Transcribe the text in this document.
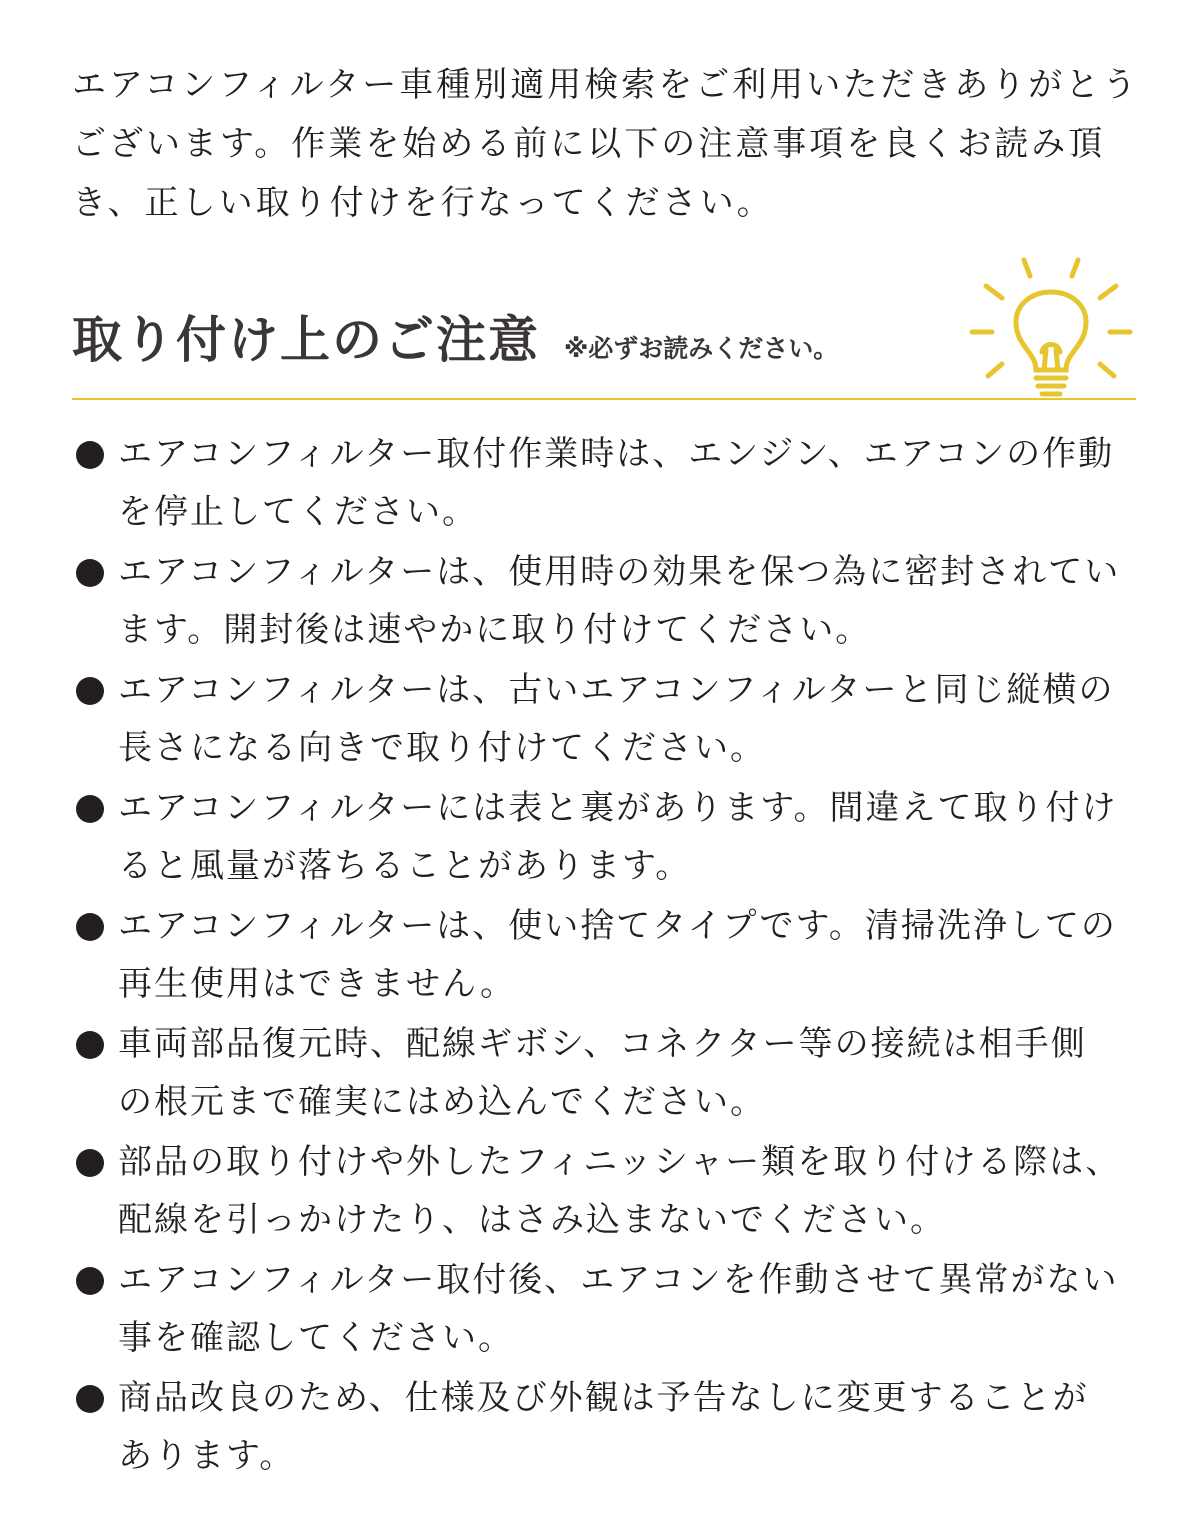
エアコンフィルター車種別適用検索をご利用いただきありがとう
ございます。作業を始める前に以下の注意事項を良くお読み頂
き、正しい取り付けを行なってください。

取り付け上のご注意 ※必ずお読みください。
エアコンフィルター取付作業時は、エンジン、エアコンの作動
を停止してください。
エアコンフィルターは、使用時の効果を保つ為に密封されてい
ます。開封後は速やかに取り付けてください。
エアコンフィルターは、古いエアコンフィルターと同じ縦横の
長さになる向きで取り付けてください。
エアコンフィルターには表と裏があります。間違えて取り付け
ると風量が落ちることがあります。
エアコンフィルターは、使い捨てタイプです。清掃洗浄しての
再生使用はできません。
車両部品復元時、配線ギボシ、コネクター等の接続は相手側
の根元まで確実にはめ込んでください。
部品の取り付けや外したフィニッシャー類を取り付ける際は、
配線を引っかけたり、はさみ込まないでください。
エアコンフィルター取付後、エアコンを作動させて異常がない
事を確認してください。
商品改良のため、仕様及び外観は予告なしに変更することが
あります。
